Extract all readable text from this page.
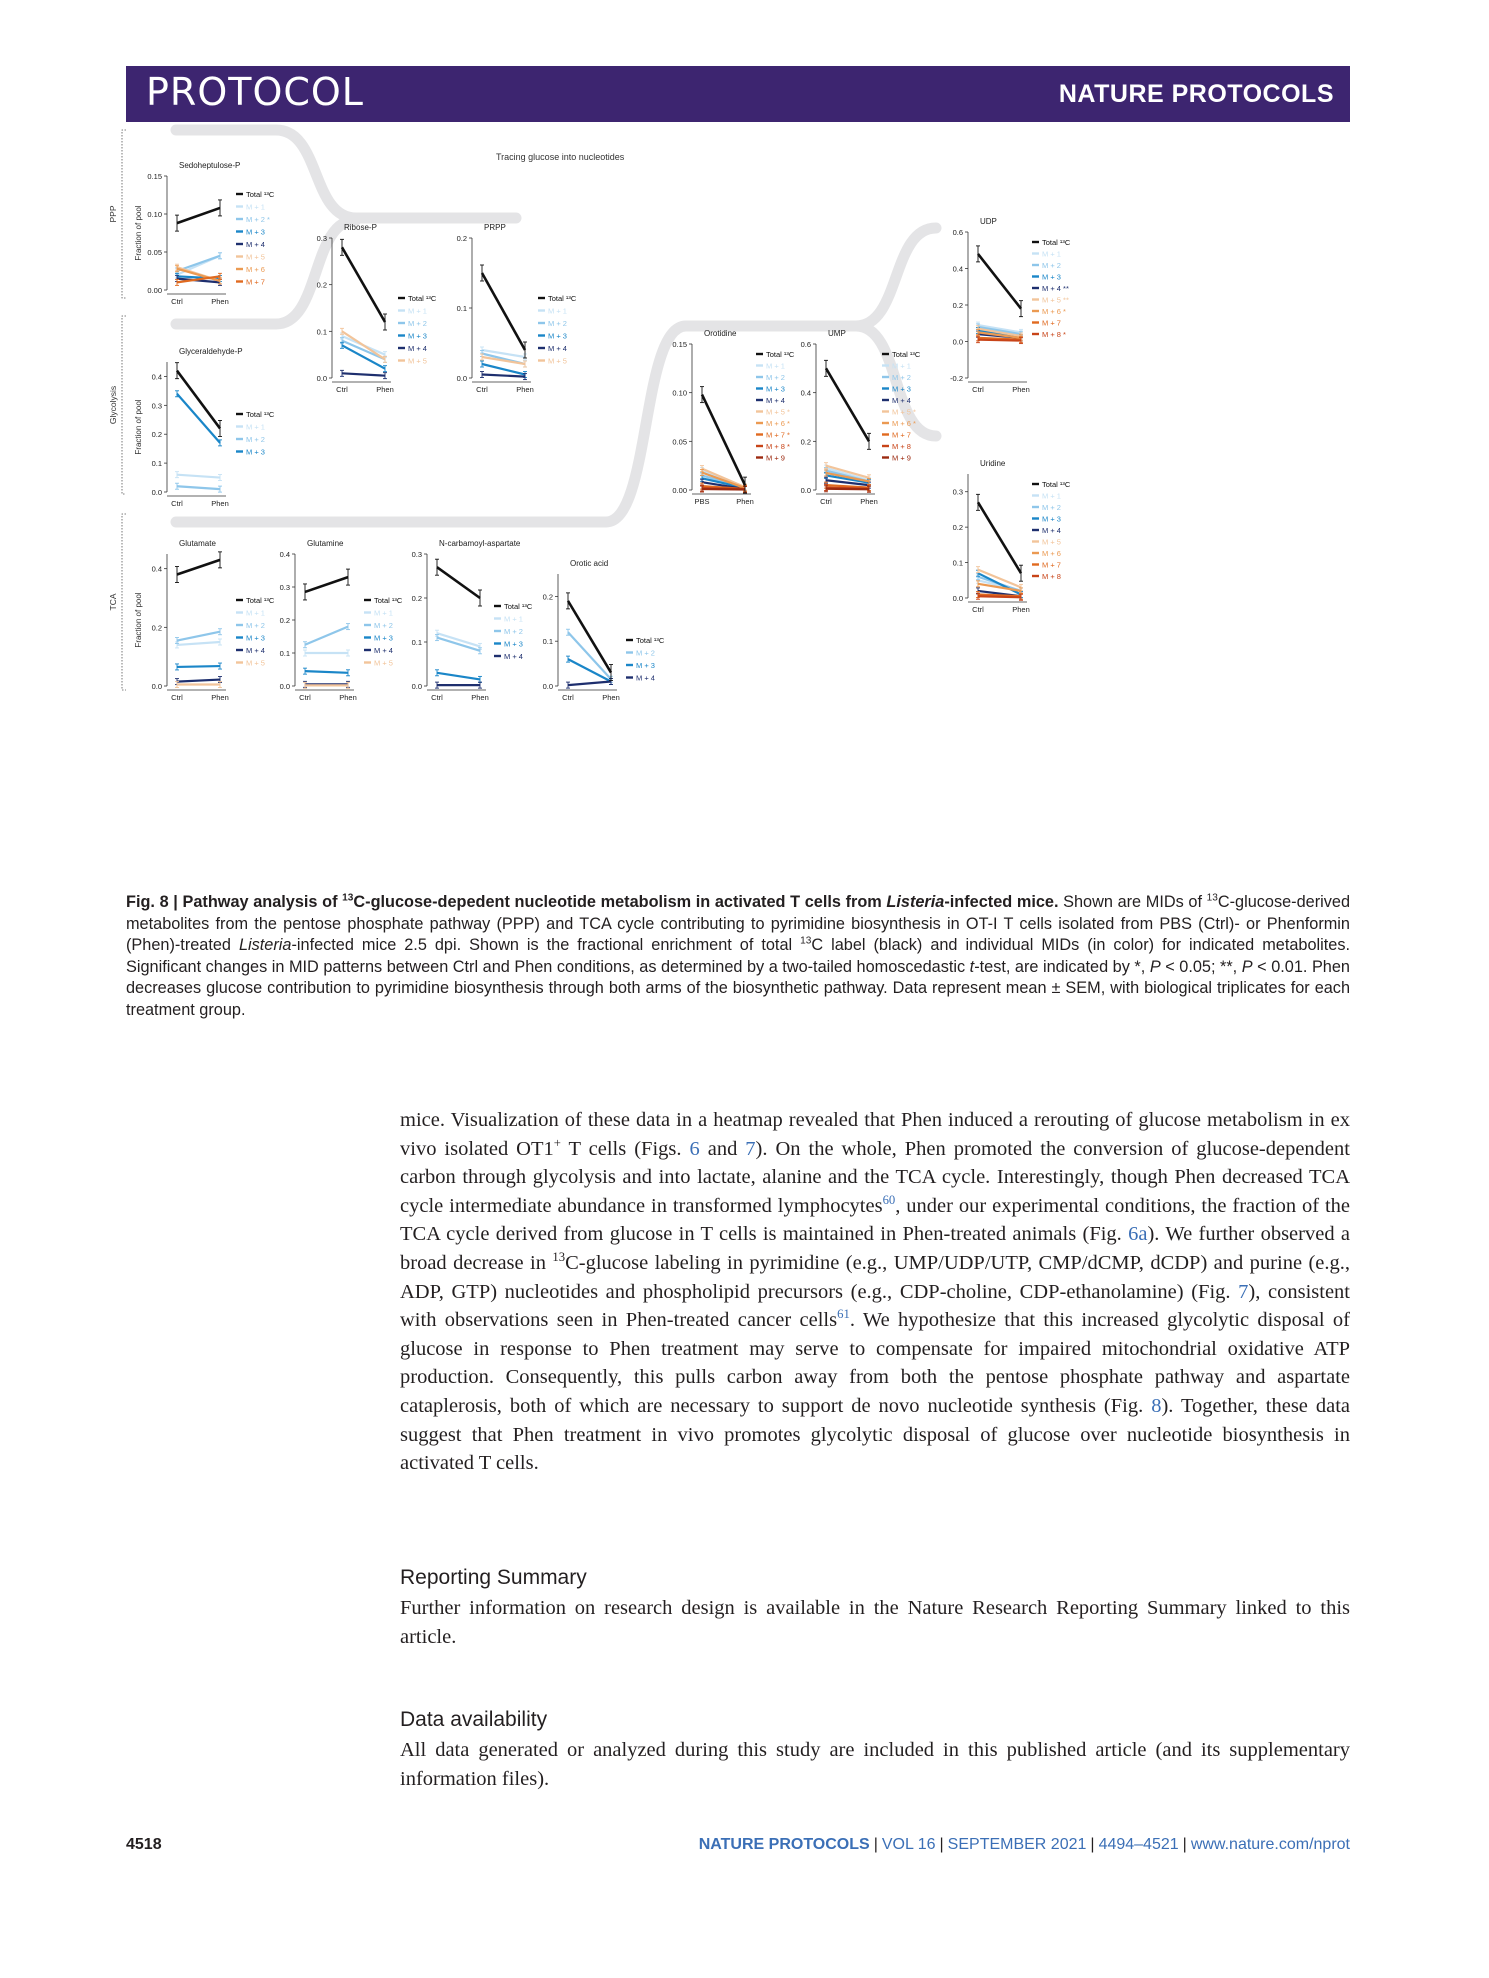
PROTOCOL	NATURE PROTOCOLS
Tracing glucose into nucleotides
PPP
Glycolysis
TCA
Sedoheptulose-P
0.00
0.05
0.10
0.15
Ctrl	Phen
Fraction of pool
Total ¹³C
M + 1
M + 2 *
M + 3
M + 4
M + 5
M + 6
M + 7
Glyceraldehyde-P
0.0
0.1
0.2
0.3
0.4
Ctrl	Phen
Fraction of pool	Total ¹³C
M + 1
M + 2
M + 3
Ribose-P
0.0
0.1
0.2
0.3
Ctrl	Phen
Total ¹³C
M + 1
M + 2
M + 3
M + 4
M + 5
PRPP
0.0
0.1
0.2
Ctrl	Phen
Total ¹³C
M + 1
M + 2
M + 3
M + 4
M + 5
Orotidine
0.00
0.05
0.10
0.15
PBS	Phen
Total ¹³C
M + 1
M + 2
M + 3
M + 4
M + 5 *
M + 6 *
M + 7 *
M + 8 *
M + 9
UMP
0.0
0.2
0.4
0.6
Ctrl	Phen
Total ¹³C
M + 1
M + 2
M + 3
M + 4
M + 5 *
M + 6 *
M + 7
M + 8
M + 9
UDP
-0.2
0.0
0.2
0.4
0.6
Ctrl	Phen
Total ¹³C
M + 1
M + 2
M + 3
M + 4 **
M + 5 **
M + 6 *
M + 7
M + 8 *
Uridine
0.0
0.1
0.2
0.3
Ctrl	Phen
Total ¹³C
M + 1
M + 2
M + 3
M + 4
M + 5
M + 6
M + 7
M + 8
Glutamate
0.0
0.2
0.4
Ctrl	Phen
Fraction of pool	Total ¹³C
M + 1
M + 2
M + 3
M + 4
M + 5
Glutamine
0.0
0.1
0.2
0.3
0.4
Ctrl	Phen
Total ¹³C
M + 1
M + 2
M + 3
M + 4
M + 5
N-carbamoyl-aspartate
0.0
0.1
0.2
0.3
Ctrl	Phen
Total ¹³C
M + 1
M + 2
M + 3
M + 4
Orotic acid
0.0
0.1
0.2
Ctrl	Phen
Total ¹³C
M + 2
M + 3
M + 4
Fig. 8 | Pathway analysis of $^{13}$C-glucose-depedent nucleotide metabolism in activated T cells from Listeria-infected mice. Shown are MIDs of $^{13}$C-glucose-derived metabolites from the pentose phosphate pathway (PPP) and TCA cycle contributing to pyrimidine biosynthesis in OT-I T cells isolated from PBS (Ctrl)- or Phenformin (Phen)-treated Listeria-infected mice 2.5 dpi. Shown is the fractional enrichment of total $^{13}$C label (black) and individual MIDs (in color) for indicated metabolites. Significant changes in MID patterns between Ctrl and Phen conditions, as determined by a two-tailed homoscedastic t-test, are indicated by *, P < 0.05; **, P < 0.01. Phen decreases glucose contribution to pyrimidine biosynthesis through both arms of the biosynthetic pathway. Data represent mean ± SEM, with biological triplicates for each treatment group.

mice. Visualization of these data in a heatmap revealed that Phen induced a rerouting of glucose metabolism in ex vivo isolated OT1+ T cells (Figs. 6 and 7). On the whole, Phen promoted the conversion of glucose-dependent carbon through glycolysis and into lactate, alanine and the TCA cycle. Interestingly, though Phen decreased TCA cycle intermediate abundance in transformed lymphocytes$^{60}$, under our experimental conditions, the fraction of the TCA cycle derived from glucose in T cells is maintained in Phen-treated animals (Fig. 6a). We further observed a broad decrease in $^{13}$C-glucose labeling in pyrimidine (e.g., UMP/UDP/UTP, CMP/dCMP, dCDP) and purine (e.g., ADP, GTP) nucleotides and phospholipid precursors (e.g., CDP-choline, CDP-ethanolamine) (Fig. 7), consistent with observations seen in Phen-treated cancer cells$^{61}$. We hypothesize that this increased glycolytic disposal of glucose in response to Phen treatment may serve to compensate for impaired mitochondrial oxidative ATP production. Consequently, this pulls carbon away from both the pentose phosphate pathway and aspartate cataplerosis, both of which are necessary to support de novo nucleotide synthesis (Fig. 8). Together, these data suggest that Phen treatment in vivo promotes glycolytic disposal of glucose over nucleotide biosynthesis in activated T cells.

Reporting Summary

Further information on research design is available in the Nature Research Reporting Summary linked to this article.

Data availability

All data generated or analyzed during this study are included in this published article (and its supplementary information files).

4518	NATURE PROTOCOLS | VOL 16 | SEPTEMBER 2021 | 4494–4521 | www.nature.com/nprot
